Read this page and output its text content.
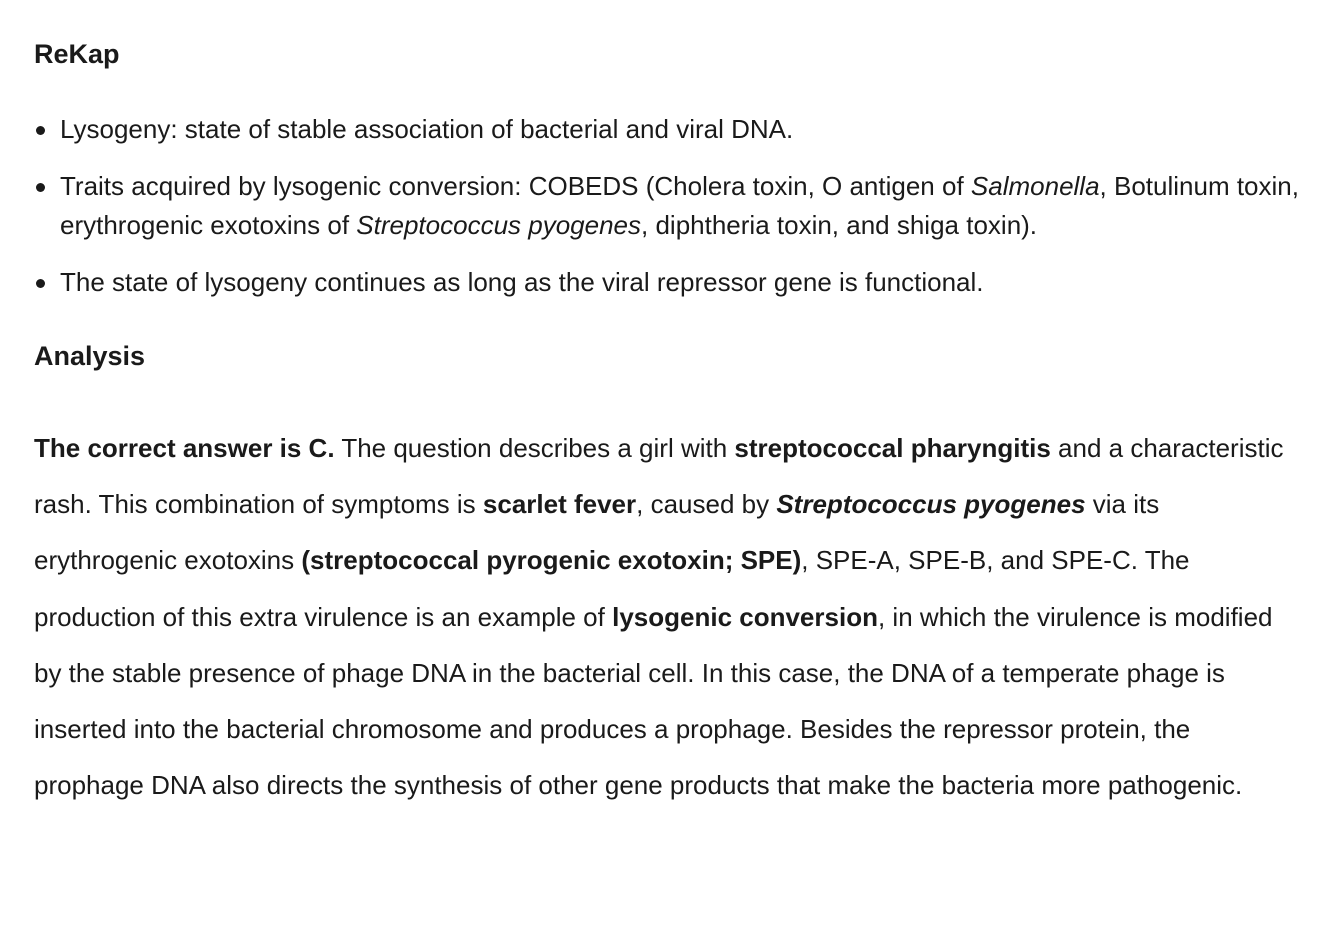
ReKap
Lysogeny: state of stable association of bacterial and viral DNA.
Traits acquired by lysogenic conversion: COBEDS (Cholera toxin, O antigen of Salmonella, Botulinum toxin, erythrogenic exotoxins of Streptococcus pyogenes, diphtheria toxin, and shiga toxin).
The state of lysogeny continues as long as the viral repressor gene is functional.
Analysis

The correct answer is C. The question describes a girl with streptococcal pharyngitis and a characteristic rash. This combination of symptoms is scarlet fever, caused by Streptococcus pyogenes via its erythrogenic exotoxins (streptococcal pyrogenic exotoxin; SPE), SPE-A, SPE-B, and SPE-C. The production of this extra virulence is an example of lysogenic conversion, in which the virulence is modified by the stable presence of phage DNA in the bacterial cell. In this case, the DNA of a temperate phage is inserted into the bacterial chromosome and produces a prophage. Besides the repressor protein, the prophage DNA also directs the synthesis of other gene products that make the bacteria more pathogenic.
